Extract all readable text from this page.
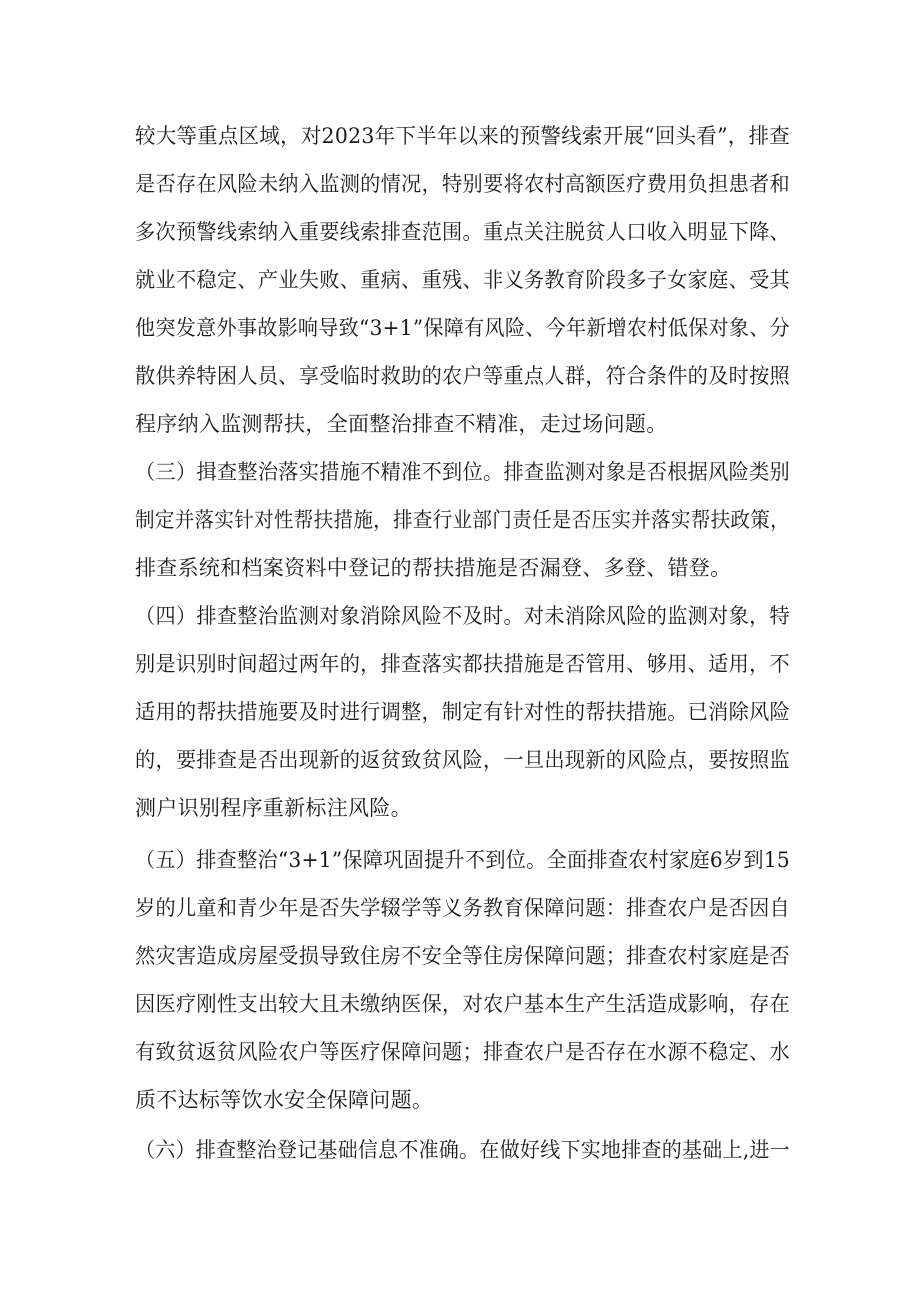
较大等重点区域，对2023年下半年以来的预警线索开展“回头看”，排查
是否存在风险未纳入监测的情况，特别要将农村高额医疗费用负担患者和
多次预警线索纳入重要线索排查范围。重点关注脱贫人口收入明显下降、
就业不稳定、产业失败、重病、重残、非义务教育阶段多子女家庭、受其
他突发意外事故影响导致“3+1”保障有风险、今年新增农村低保对象、分
散供养特困人员、享受临时救助的农户等重点人群，符合条件的及时按照
程序纳入监测帮扶，全面整治排查不精准，走过场问题。
（三）揖查整治落实措施不精准不到位。排查监测对象是否根据风险类别
制定并落实针对性帮扶措施，排查行业部门责任是否压实并落实帮扶政策，
排查系统和档案资料中登记的帮扶措施是否漏登、多登、错登。
（四）排查整治监测对象消除风险不及时。对未消除风险的监测对象，特
别是识别时间超过两年的，排查落实都扶措施是否管用、够用、适用，不
适用的帮扶措施要及时进行调整，制定有针对性的帮扶措施。已消除风险
的，要排查是否出现新的返贫致贫风险，一旦出现新的风险点，要按照监
测户识别程序重新标注风险。
（五）排查整治“3+1”保障巩固提升不到位。全面排查农村家庭6岁到15
岁的儿童和青少年是否失学辍学等义务教育保障问题：排查农户是否因自
然灾害造成房屋受损导致住房不安全等住房保障问题；排查农村家庭是否
因医疗刚性支出较大且未缴纳医保，对农户基本生产生活造成影响，存在
有致贫返贫风险农户等医疗保障问题；排查农户是否存在水源不稳定、水
质不达标等饮水安全保障问题。
（六）排查整治登记基础信息不准确。在做好线下实地排查的基础上,进一
